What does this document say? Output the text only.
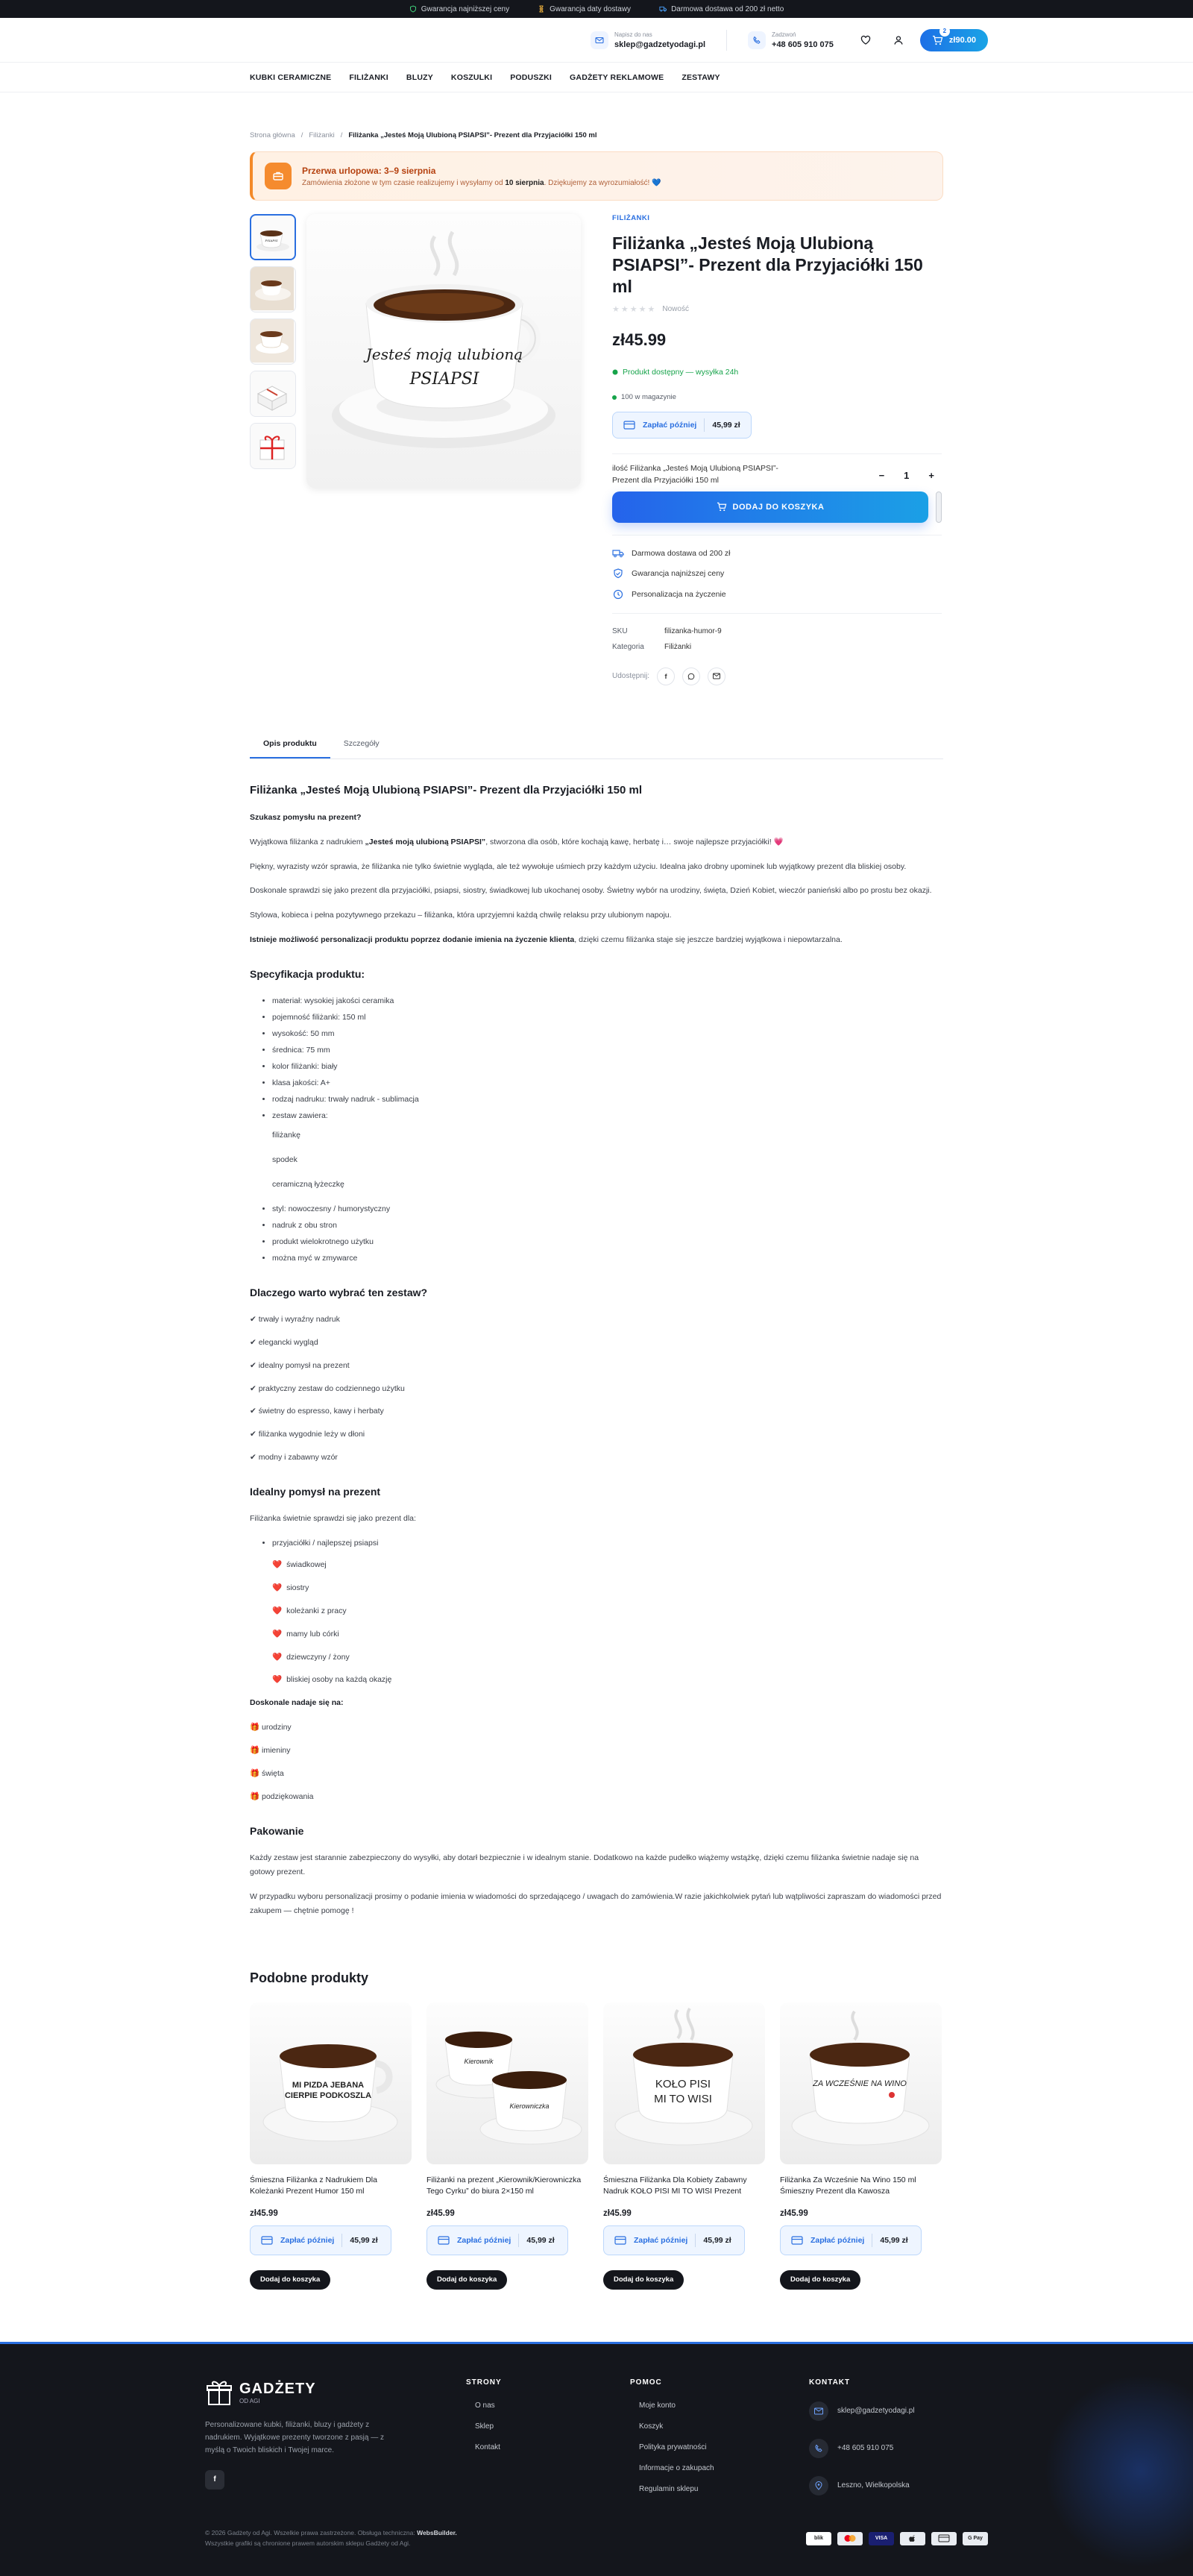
Gwarancja najniższej ceny	Gwarancja daty dostawy	Darmowa dostawa od 200 zł netto
Napisz do nas
sklep@gadzetyodagi.pl
Zadzwoń
+48 605 910 075
2
zł90.00
KUBKI CERAMICZNE	FILIŻANKI	BLUZY	KOSZULKI	PODUSZKI	GADŻETY REKLAMOWE	ZESTAWY
Strona główna / Filiżanki / Filiżanka „Jesteś Moją Ulubioną PSIAPSI”- Prezent dla Przyjaciółki 150 ml
Przerwa urlopowa: 3–9 sierpnia

Zamówienia złożone w tym czasie realizujemy i wysyłamy od 10 sierpnia. Dziękujemy za wyrozumiałość! 💙

PSIAPSI
Jesteś moją ulubioną
PSIAPSI
FILIŻANKI
Filiżanka „Jesteś Moją Ulubioną PSIAPSI”- Prezent dla Przyjaciółki 150 ml
★ ★ ★ ★ ★ Nowość
zł45.99
Produkt dostępny — wysyłka 24h
100 w magazynie
Zapłać później 45,99 zł
ilość Filiżanka „Jesteś Moją Ulubioną PSIAPSI”- Prezent dla Przyjaciółki 150 ml	− 1 +
DODAJ DO KOSZYKA
Darmowa dostawa od 200 zł
Gwarancja najniższej ceny
Personalizacja na życzenie
SKU	filizanka-humor-9
Kategoria	Filiżanki
Udostępnij: f
Opis produktu	Szczegóły
Filiżanka „Jesteś Moją Ulubioną PSIAPSI”- Prezent dla Przyjaciółki 150 ml

Szukasz pomysłu na prezent?

Wyjątkowa filiżanka z nadrukiem „Jesteś moją ulubioną PSIAPSI”, stworzona dla osób, które kochają kawę, herbatę i… swoje najlepsze przyjaciółki! 💗

Piękny, wyrazisty wzór sprawia, że filiżanka nie tylko świetnie wygląda, ale też wywołuje uśmiech przy każdym użyciu. Idealna jako drobny upominek lub wyjątkowy prezent dla bliskiej osoby.

Doskonale sprawdzi się jako prezent dla przyjaciółki, psiapsi, siostry, świadkowej lub ukochanej osoby. Świetny wybór na urodziny, święta, Dzień Kobiet, wieczór panieński albo po prostu bez okazji.

Stylowa, kobieca i pełna pozytywnego przekazu – filiżanka, która uprzyjemni każdą chwilę relaksu przy ulubionym napoju.

Istnieje możliwość personalizacji produktu poprzez dodanie imienia na życzenie klienta, dzięki czemu filiżanka staje się jeszcze bardziej wyjątkowa i niepowtarzalna.

Specyfikacja produktu:
• materiał: wysokiej jakości ceramika
• pojemność filiżanki: 150 ml
• wysokość: 50 mm
• średnica: 75 mm
• kolor filiżanki: biały
• klasa jakości: A+
• rodzaj nadruku: trwały nadruk - sublimacja
• zestaw zawiera:
filiżankę
spodek
ceramiczną łyżeczkę
• styl: nowoczesny / humorystyczny
• nadruk z obu stron
• produkt wielokrotnego użytku
• można myć w zmywarce
Dlaczego warto wybrać ten zestaw?
✔ trwały i wyraźny nadruk
✔ elegancki wygląd
✔ idealny pomysł na prezent
✔ praktyczny zestaw do codziennego użytku
✔ świetny do espresso, kawy i herbaty
✔ filiżanka wygodnie leży w dłoni
✔ modny i zabawny wzór
Idealny pomysł na prezent

Filiżanka świetnie sprawdzi się jako prezent dla:

• przyjaciółki / najlepszej psiapsi
❤️ świadkowej
❤️ siostry
❤️ koleżanki z pracy
❤️ mamy lub córki
❤️ dziewczyny / żony
❤️ bliskiej osoby na każdą okazję

Doskonale nadaje się na:

🎁 urodziny
🎁 imieniny
🎁 święta
🎁 podziękowania
Pakowanie

Każdy zestaw jest starannie zabezpieczony do wysyłki, aby dotarł bezpiecznie i w idealnym stanie. Dodatkowo na każde pudełko wiążemy wstążkę, dzięki czemu filiżanka świetnie nadaje się na gotowy prezent.

W przypadku wyboru personalizacji prosimy o podanie imienia w wiadomości do sprzedającego / uwagach do zamówienia.W razie jakichkolwiek pytań lub wątpliwości zapraszam do wiadomości przed zakupem — chętnie pomogę !

Podobne produkty
MI PIZDA JEBANA
CIERPIE PODKOSZLA
Śmieszna Filiżanka z Nadrukiem Dla Koleżanki Prezent Humor 150 ml
zł45.99
Zapłać później 45,99 zł
Dodaj do koszyka
Kierownik
Kierowniczka
Filiżanki na prezent „Kierownik/Kierowniczka Tego Cyrku” do biura 2×150 ml
zł45.99
Zapłać później 45,99 zł
Dodaj do koszyka
KOŁO PISI
MI TO WISI
Śmieszna Filiżanka Dla Kobiety Zabawny Nadruk KOŁO PISI MI TO WISI Prezent
zł45.99
Zapłać później 45,99 zł
Dodaj do koszyka
ZA WCZEŚNIE NA WINO
Filiżanka Za Wcześnie Na Wino 150 ml Śmieszny Prezent dla Kawosza
zł45.99
Zapłać później 45,99 zł
Dodaj do koszyka
GADŻETY
OD AGI

Personalizowane kubki, filiżanki, bluzy i gadżety z nadrukiem. Wyjątkowe prezenty tworzone z pasją — z myślą o Twoich bliskich i Twojej marce.

f
STRONY
O nas
Sklep
Kontakt
POMOC
Moje konto
Koszyk
Polityka prywatności
Informacje o zakupach
Regulamin sklepu
KONTAKT
sklep@gadzetyodagi.pl
+48 605 910 075
Leszno, Wielkopolska
© 2026 Gadżety od Agi. Wszelkie prawa zastrzeżone. Obsługa techniczna: WebsBuilder.
Wszystkie grafiki są chronione prawem autorskim sklepu Gadżety od Agi.
blik	VISA	G Pay
